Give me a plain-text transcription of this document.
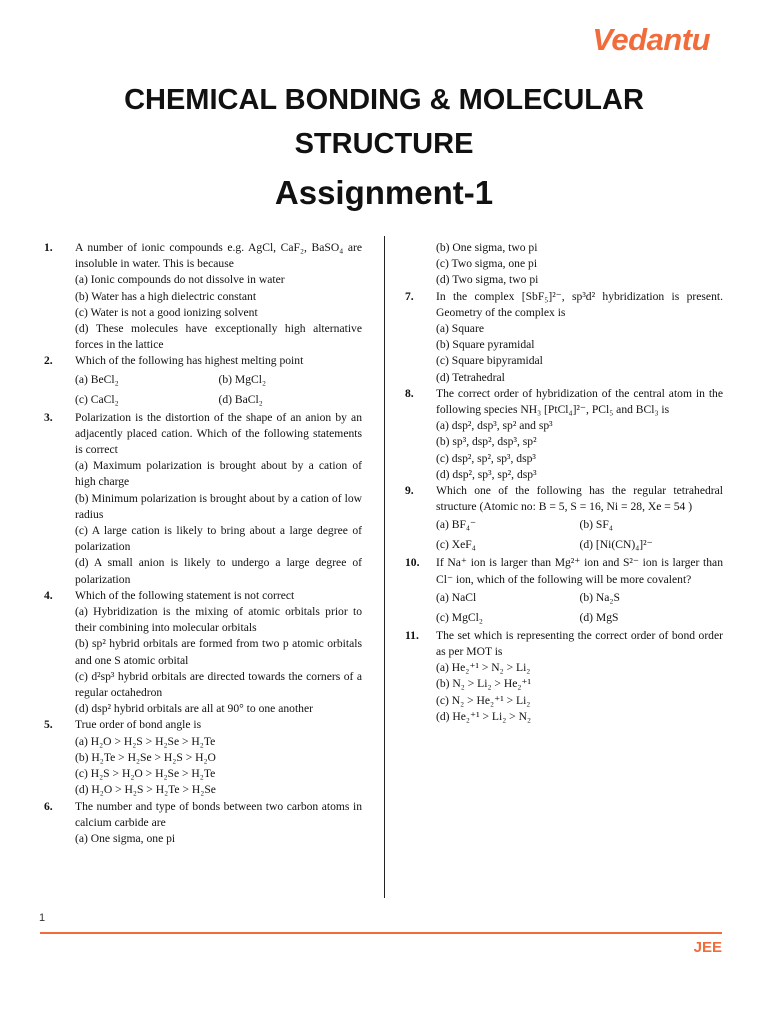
Vedantu
CHEMICAL BONDING & MOLECULAR
STRUCTURE
Assignment-1
1. A number of ionic compounds e.g. AgCl, CaF₂, BaSO₄ are insoluble in water. This is because
(a) Ionic compounds do not dissolve in water
(b) Water has a high dielectric constant
(c) Water is not a good ionizing solvent
(d) These molecules have exceptionally high alternative forces in the lattice
2. Which of the following has highest melting point
(a) BeCl₂	(b) MgCl₂
(c) CaCl₂	(d) BaCl₂
3. Polarization is the distortion of the shape of an anion by an adjacently placed cation. Which of the following statements is correct
(a) Maximum polarization is brought about by a cation of high charge
(b) Minimum polarization is brought about by a cation of low radius
(c) A large cation is likely to bring about a large degree of polarization
(d) A small anion is likely to undergo a large degree of polarization
4. Which of the following statement is not correct
(a) Hybridization is the mixing of atomic orbitals prior to their combining into molecular orbitals
(b) sp² hybrid orbitals are formed from two p atomic orbitals and one S atomic orbital
(c) d²sp³ hybrid orbitals are directed towards the corners of a regular octahedron
(d) dsp² hybrid orbitals are all at 90° to one another
5. True order of bond angle is
(a) H₂O > H₂S > H₂Se > H₂Te
(b) H₂Te > H₂Se > H₂S > H₂O
(c) H₂S > H₂O > H₂Se > H₂Te
(d) H₂O > H₂S > H₂Te > H₂Se
6. The number and type of bonds between two carbon atoms in calcium carbide are
(a) One sigma, one pi
(b) One sigma, two pi
(c) Two sigma, one pi
(d) Two sigma, two pi
7. In the complex [SbF₅]²⁻, sp³d² hybridization is present. Geometry of the complex is
(a) Square
(b) Square pyramidal
(c) Square bipyramidal
(d) Tetrahedral
8. The correct order of hybridization of the central atom in the following species NH₃ [PtCl₄]²⁻, PCl₅ and BCl₃ is
(a) dsp², dsp³, sp² and sp³
(b) sp³, dsp², dsp³, sp²
(c) dsp², sp², sp³, dsp³
(d) dsp², sp³, sp², dsp³
9. Which one of the following has the regular tetrahedral structure (Atomic no: B = 5, S = 16, Ni = 28, Xe = 54 )
(a) BF₄⁻	(b) SF₄
(c) XeF₄	(d) [Ni(CN)₄]²⁻
10. If Na⁺ ion is larger than Mg²⁺ ion and S²⁻ ion is larger than Cl⁻ ion, which of the following will be more covalent?
(a) NaCl	(b) Na₂S
(c) MgCl₂	(d) MgS
11. The set which is representing the correct order of bond order as per MOT is
(a) He₂⁺¹ > N₂ > Li₂
(b) N₂ > Li₂ > He₂⁺¹
(c) N₂ > He₂⁺¹ > Li₂
(d) He₂⁺¹ > Li₂ > N₂
1
JEE
